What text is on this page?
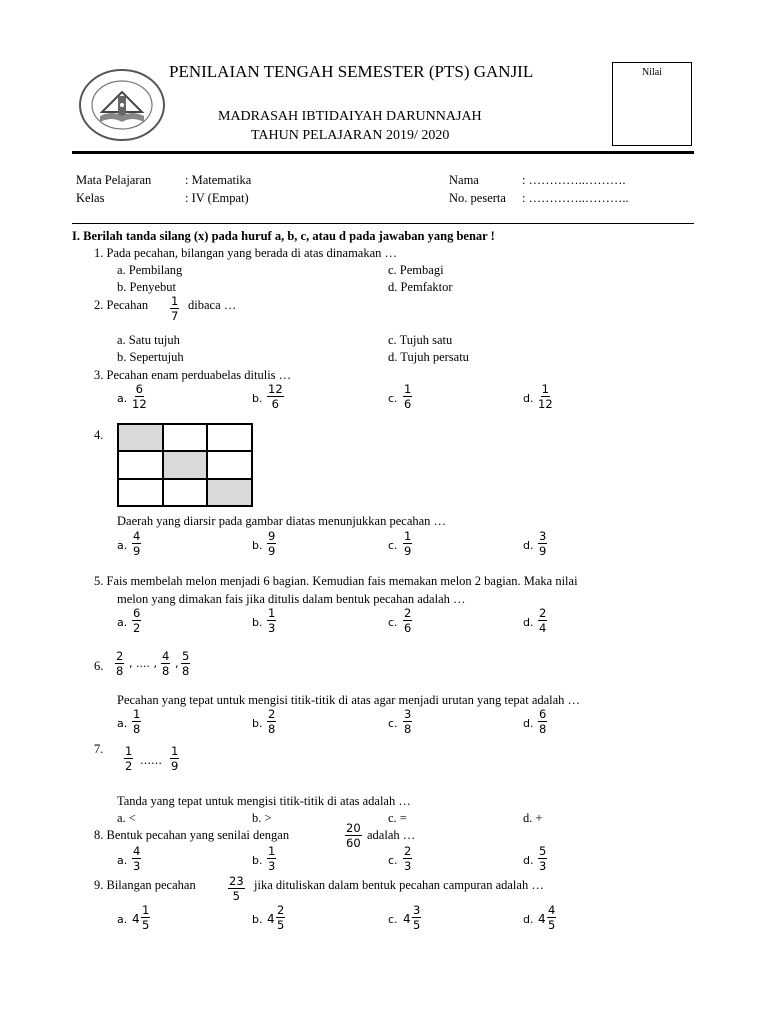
PENILAIAN TENGAH SEMESTER (PTS) GANJIL
MADRASAH IBTIDAIYAH DARUNNAJAH
TAHUN PELAJARAN 2019/ 2020
Nilai
Mata Pelajaran	: Matematika
Kelas	: IV (Empat)
Nama	: …………..……….
No. peserta : …………..………..
I. Berilah tanda silang (x) pada huruf a, b, c, atau d pada jawaban yang benar !
1. Pada pecahan, bilangan yang berada di atas dinamakan …
a. Pembilang
b. Penyebut
c. Pembagi
d. Pemfaktor
2. Pecahan $\frac{1}{7}$ dibaca …
a. Satu tujuh
b. Sepertujuh
c. Tujuh satu
d. Tujuh persatu
3. Pecahan enam perduabelas ditulis …
a. $\frac{6}{12}$	b. $\frac{12}{6}$	c. $\frac{1}{6}$	d. $\frac{1}{12}$
4.
Daerah yang diarsir pada gambar diatas menunjukkan pecahan …
a. $\frac{4}{9}$	b. $\frac{9}{9}$	c. $\frac{1}{9}$	d. $\frac{3}{9}$
5. Fais membelah melon menjadi 6 bagian. Kemudian fais memakan melon 2 bagian. Maka nilai
melon yang dimakan fais jika ditulis dalam bentuk pecahan adalah …
a. $\frac{6}{2}$	b. $\frac{1}{3}$	c. $\frac{2}{6}$	d. $\frac{2}{4}$
6. $\frac{2}{8}$ , .... , $\frac{4}{8}$ , $\frac{5}{8}$
Pecahan yang tepat untuk mengisi titik-titik di atas agar menjadi urutan yang tepat adalah …
a. $\frac{1}{8}$	b. $\frac{2}{8}$	c. $\frac{3}{8}$	d. $\frac{6}{8}$
7. $\frac{1}{2}$ …… $\frac{1}{9}$
Tanda yang tepat untuk mengisi titik-titik di atas adalah …
a. <	b. >	c. =	d. +
8. Bentuk pecahan yang senilai dengan	$\frac{20}{60}$ adalah …
a. $\frac{4}{3}$	b. $\frac{1}{3}$	c. $\frac{2}{3}$	d. $\frac{5}{3}$
9. Bilangan pecahan	$\frac{23}{5}$ jika dituliskan dalam bentuk pecahan campuran adalah …
a. $4 \frac{1}{5}$	b. $4 \frac{2}{5}$	c. $4 \frac{3}{5}$	d. $4 \frac{4}{5}$
